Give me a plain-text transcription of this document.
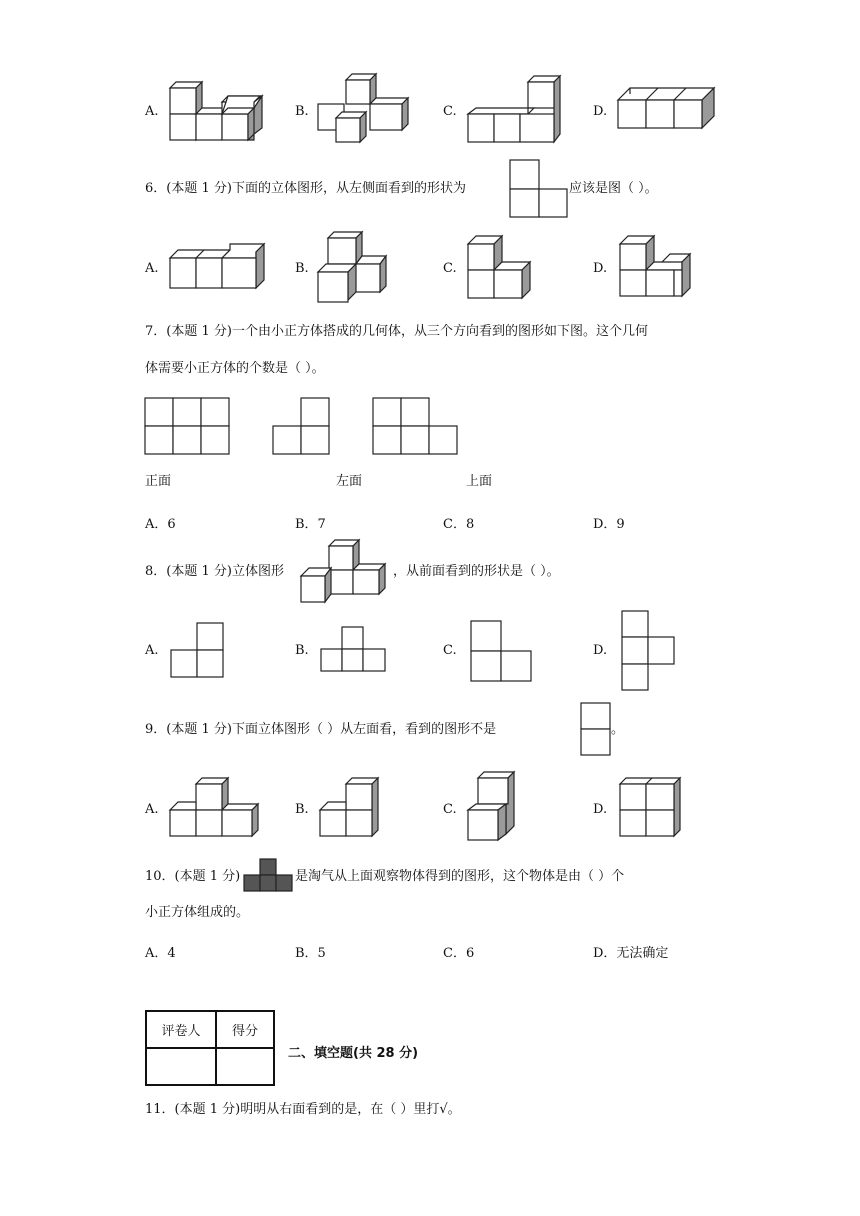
A.	B.	C.	D.
6．(本题 1 分)下面的立体图形，从左侧面看到的形状为	应该是图（ ）。
A.	B.	C.	D.
7．(本题 1 分)一个由小正方体搭成的几何体，从三个方向看到的图形如下图。这个几何
体需要小正方体的个数是（ ）。
正面	左面	上面
A．6	B．7	C．8	D．9
8．(本题 1 分)立体图形	，从前面看到的形状是（ ）。
A.	B.	C.	D.
9．(本题 1 分)下面立体图形（ ）从左面看，看到的图形不是	。
A.	B.	C.	D.
10．(本题 1 分)	是淘气从上面观察物体得到的图形，这个物体是由（ ）个
小正方体组成的。
A．4	B．5	C．6	D．无法确定
评卷人	得分

二、填空题(共 28 分)
11．(本题 1 分)明明从右面看到的是，在（ ）里打√。
